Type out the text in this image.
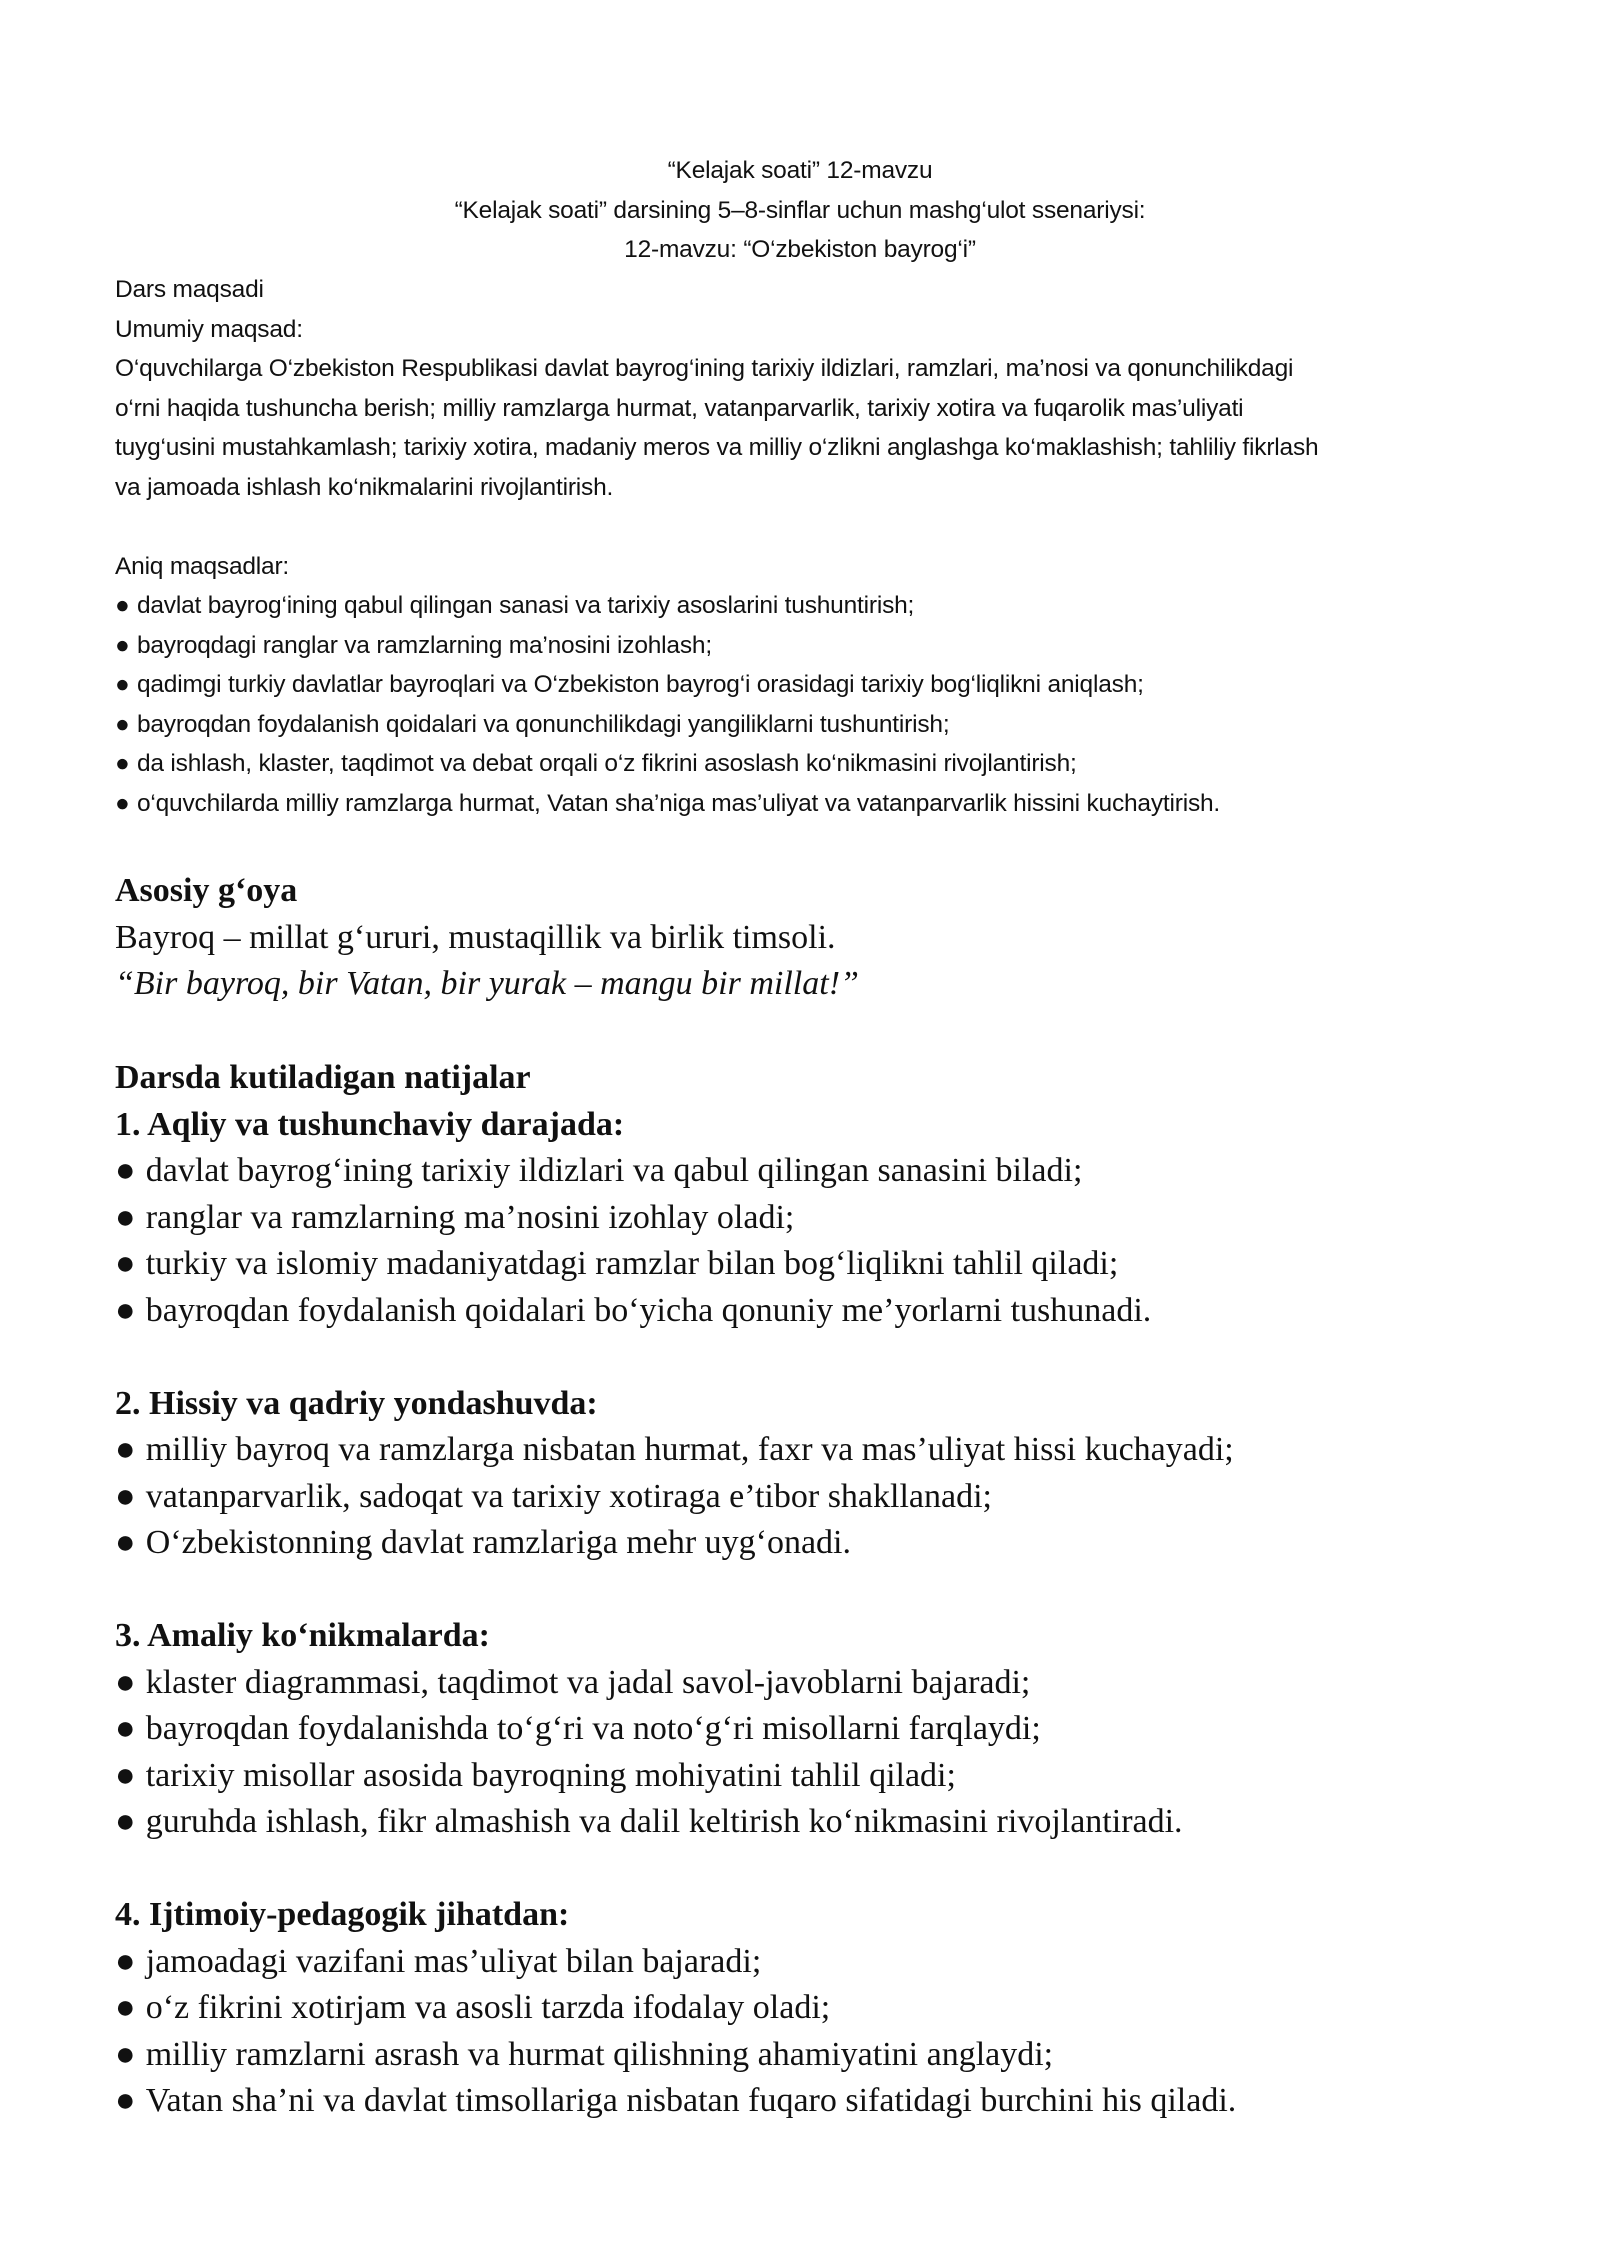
“Kelajak soati” 12-mavzu
“Kelajak soati” darsining 5–8-sinflar uchun mashg‘ulot ssenariysi:
12-mavzu: “O‘zbekiston bayrog‘i”
Dars maqsadi
Umumiy maqsad:
O‘quvchilarga O‘zbekiston Respublikasi davlat bayrog‘ining tarixiy ildizlari, ramzlari, ma’nosi va qonunchilikdagi
o‘rni haqida tushuncha berish; milliy ramzlarga hurmat, vatanparvarlik, tarixiy xotira va fuqarolik mas’uliyati
tuyg‘usini mustahkamlash; tarixiy xotira, madaniy meros va milliy o‘zlikni anglashga ko‘maklashish; tahliliy fikrlash
va jamoada ishlash ko‘nikmalarini rivojlantirish.
Aniq maqsadlar:
● davlat bayrog‘ining qabul qilingan sanasi va tarixiy asoslarini tushuntirish;
● bayroqdagi ranglar va ramzlarning ma’nosini izohlash;
● qadimgi turkiy davlatlar bayroqlari va O‘zbekiston bayrog‘i orasidagi tarixiy bog‘liqlikni aniqlash;
● bayroqdan foydalanish qoidalari va qonunchilikdagi yangiliklarni tushuntirish;
● da ishlash, klaster, taqdimot va debat orqali o‘z fikrini asoslash ko‘nikmasini rivojlantirish;
● o‘quvchilarda milliy ramzlarga hurmat, Vatan sha’niga mas’uliyat va vatanparvarlik hissini kuchaytirish.
Asosiy g‘oya
Bayroq – millat g‘ururi, mustaqillik va birlik timsoli.
“Bir bayroq, bir Vatan, bir yurak – mangu bir millat!”
Darsda kutiladigan natijalar
1. Aqliy va tushunchaviy darajada:
● davlat bayrog‘ining tarixiy ildizlari va qabul qilingan sanasini biladi;
● ranglar va ramzlarning ma’nosini izohlay oladi;
● turkiy va islomiy madaniyatdagi ramzlar bilan bog‘liqlikni tahlil qiladi;
● bayroqdan foydalanish qoidalari bo‘yicha qonuniy me’yorlarni tushunadi.
2. Hissiy va qadriy yondashuvda:
● milliy bayroq va ramzlarga nisbatan hurmat, faxr va mas’uliyat hissi kuchayadi;
● vatanparvarlik, sadoqat va tarixiy xotiraga e’tibor shakllanadi;
● O‘zbekistonning davlat ramzlariga mehr uyg‘onadi.
3. Amaliy ko‘nikmalarda:
● klaster diagrammasi, taqdimot va jadal savol-javoblarni bajaradi;
● bayroqdan foydalanishda to‘g‘ri va noto‘g‘ri misollarni farqlaydi;
● tarixiy misollar asosida bayroqning mohiyatini tahlil qiladi;
● guruhda ishlash, fikr almashish va dalil keltirish ko‘nikmasini rivojlantiradi.
4. Ijtimoiy-pedagogik jihatdan:
● jamoadagi vazifani mas’uliyat bilan bajaradi;
● o‘z fikrini xotirjam va asosli tarzda ifodalay oladi;
● milliy ramzlarni asrash va hurmat qilishning ahamiyatini anglaydi;
● Vatan sha’ni va davlat timsollariga nisbatan fuqaro sifatidagi burchini his qiladi.
